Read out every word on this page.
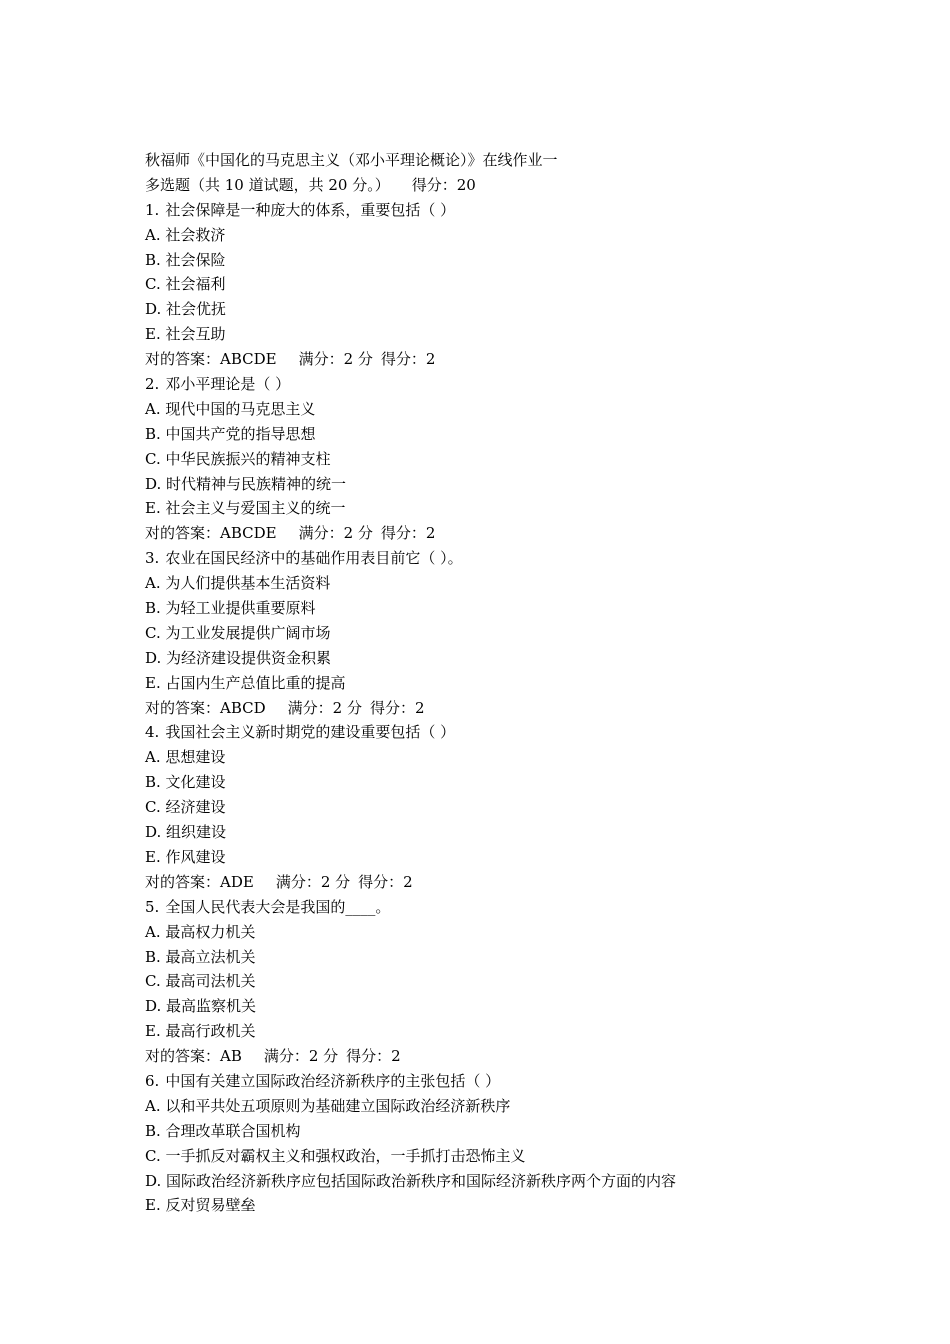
秋福师《中国化的马克思主义（邓小平理论概论）》在线作业一
多选题（共 10 道试题，共 20 分。） 得分：20
1. 社会保障是一种庞大的体系，重要包括（ ）
A. 社会救济
B. 社会保险
C. 社会福利
D. 社会优抚
E. 社会互助
对的答案：ABCDE 满分：2 分 得分：2
2. 邓小平理论是（ ）
A. 现代中国的马克思主义
B. 中国共产党的指导思想
C. 中华民族振兴的精神支柱
D. 时代精神与民族精神的统一
E. 社会主义与爱国主义的统一
对的答案：ABCDE 满分：2 分 得分：2
3. 农业在国民经济中的基础作用表目前它（ ）。
A. 为人们提供基本生活资料
B. 为轻工业提供重要原料
C. 为工业发展提供广阔市场
D. 为经济建设提供资金积累
E. 占国内生产总值比重的提高
对的答案：ABCD 满分：2 分 得分：2
4. 我国社会主义新时期党的建设重要包括（ ）
A. 思想建设
B. 文化建设
C. 经济建设
D. 组织建设
E. 作风建设
对的答案：ADE 满分：2 分 得分：2
5. 全国人民代表大会是我国的____。
A. 最高权力机关
B. 最高立法机关
C. 最高司法机关
D. 最高监察机关
E. 最高行政机关
对的答案：AB 满分：2 分 得分：2
6. 中国有关建立国际政治经济新秩序的主张包括（ ）
A. 以和平共处五项原则为基础建立国际政治经济新秩序
B. 合理改革联合国机构
C. 一手抓反对霸权主义和强权政治，一手抓打击恐怖主义
D. 国际政治经济新秩序应包括国际政治新秩序和国际经济新秩序两个方面的内容
E. 反对贸易壁垒
